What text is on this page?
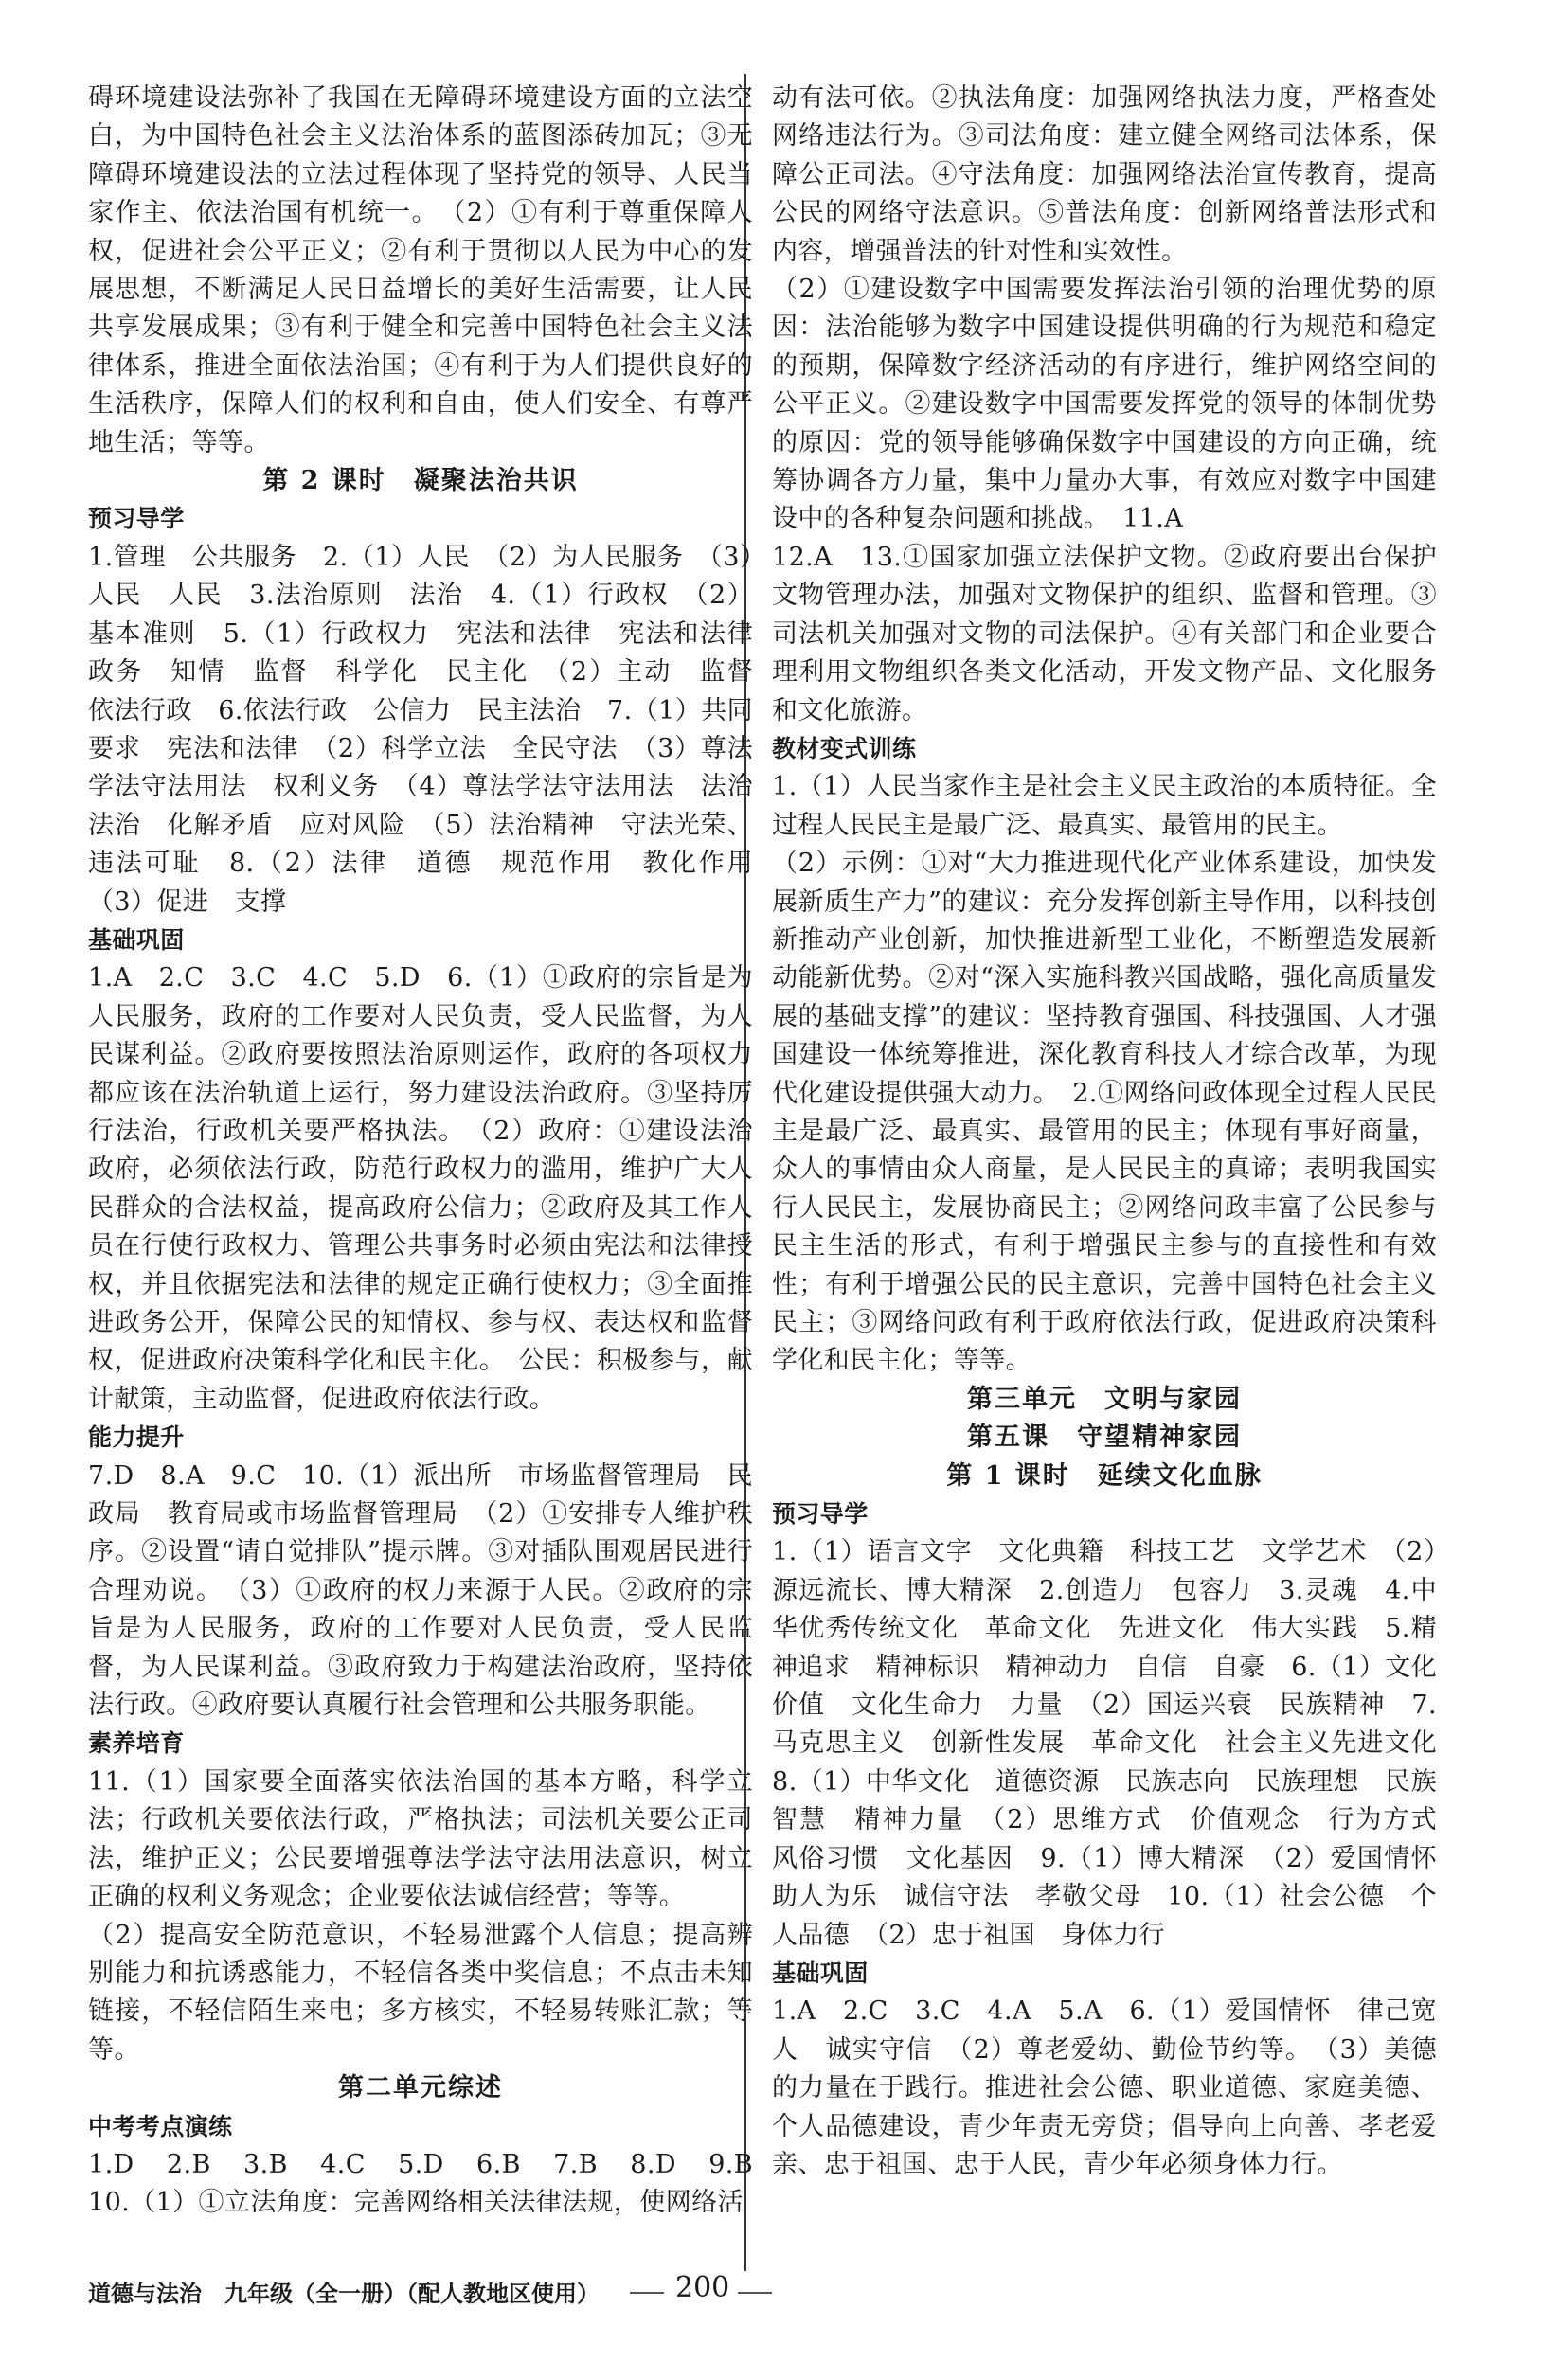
碍环境建设法弥补了我国在无障碍环境建设方面的立法空白，为中国特色社会主义法治体系的蓝图添砖加瓦；③无障碍环境建设法的立法过程体现了坚持党的领导、人民当家作主、依法治国有机统一。　（2）①有利于尊重保障人权，促进社会公平正义；②有利于贯彻以人民为中心的发展思想，不断满足人民日益增长的美好生活需要，让人民共享发展成果；③有利于健全和完善中国特色社会主义法律体系，推进全面依法治国；④有利于为人们提供良好的生活秩序，保障人们的权利和自由，使人们安全、有尊严地生活；等等。
第 2 课时　凝聚法治共识
预习导学
1.管理　公共服务　2.（1）人民　（2）为人民服务　（3）人民　人民　3.法治原则　法治　4.（1）行政权　（2）基本准则　5.（1）行政权力　宪法和法律　宪法和法律　政务　知情　监督　科学化　民主化　（2）主动　监督　依法行政　6.依法行政　公信力　民主法治　7.（1）共同要求　宪法和法律　（2）科学立法　全民守法　（3）尊法学法守法用法　权利义务　（4）尊法学法守法用法　法治　法治　化解矛盾　应对风险　（5）法治精神　守法光荣、违法可耻　8.（2）法律　道德　规范作用　教化作用　（3）促进　支撑
基础巩固
1.A　2.C　3.C　4.C　5.D　6.（1）①政府的宗旨是为人民服务，政府的工作要对人民负责，受人民监督，为人民谋利益。②政府要按照法治原则运作，政府的各项权力都应该在法治轨道上运行，努力建设法治政府。③坚持厉行法治，行政机关要严格执法。　（2）政府：①建设法治政府，必须依法行政，防范行政权力的滥用，维护广大人民群众的合法权益，提高政府公信力；②政府及其工作人员在行使行政权力、管理公共事务时必须由宪法和法律授权，并且依据宪法和法律的规定正确行使权力；③全面推进政务公开，保障公民的知情权、参与权、表达权和监督权，促进政府决策科学化和民主化。　公民：积极参与，献计献策，主动监督，促进政府依法行政。
能力提升
7.D　8.A　9.C　10.（1）派出所　市场监督管理局　民政局　教育局或市场监督管理局　（2）①安排专人维护秩序。②设置“请自觉排队”提示牌。③对插队围观居民进行合理劝说。　（3）①政府的权力来源于人民。②政府的宗旨是为人民服务，政府的工作要对人民负责，受人民监督，为人民谋利益。③政府致力于构建法治政府，坚持依法行政。④政府要认真履行社会管理和公共服务职能。
素养培育
11.（1）国家要全面落实依法治国的基本方略，科学立法；行政机关要依法行政，严格执法；司法机关要公正司法，维护正义；公民要增强尊法学法守法用法意识，树立正确的权利义务观念；企业要依法诚信经营；等等。
（2）提高安全防范意识，不轻易泄露个人信息；提高辨别能力和抗诱惑能力，不轻信各类中奖信息；不点击未知链接，不轻信陌生来电；多方核实，不轻易转账汇款；等等。
第二单元综述
中考考点演练
1.D　2.B　3.B　4.C　5.D　6.B　7.B　8.D　9.B　10.（1）①立法角度：完善网络相关法律法规，使网络活
动有法可依。②执法角度：加强网络执法力度，严格查处网络违法行为。③司法角度：建立健全网络司法体系，保障公正司法。④守法角度：加强网络法治宣传教育，提高公民的网络守法意识。⑤普法角度：创新网络普法形式和内容，增强普法的针对性和实效性。
（2）①建设数字中国需要发挥法治引领的治理优势的原因：法治能够为数字中国建设提供明确的行为规范和稳定的预期，保障数字经济活动的有序进行，维护网络空间的公平正义。②建设数字中国需要发挥党的领导的体制优势的原因：党的领导能够确保数字中国建设的方向正确，统筹协调各方力量，集中力量办大事，有效应对数字中国建设中的各种复杂问题和挑战。　11.A
12.A　13.①国家加强立法保护文物。②政府要出台保护文物管理办法，加强对文物保护的组织、监督和管理。③司法机关加强对文物的司法保护。④有关部门和企业要合理利用文物组织各类文化活动，开发文物产品、文化服务和文化旅游。
教材变式训练
1.（1）人民当家作主是社会主义民主政治的本质特征。全过程人民民主是最广泛、最真实、最管用的民主。
（2）示例：①对“大力推进现代化产业体系建设，加快发展新质生产力”的建议：充分发挥创新主导作用，以科技创新推动产业创新，加快推进新型工业化，不断塑造发展新动能新优势。②对“深入实施科教兴国战略，强化高质量发展的基础支撑”的建议：坚持教育强国、科技强国、人才强国建设一体统筹推进，深化教育科技人才综合改革，为现代化建设提供强大动力。　2.①网络问政体现全过程人民民主是最广泛、最真实、最管用的民主；体现有事好商量，众人的事情由众人商量，是人民民主的真谛；表明我国实行人民民主，发展协商民主；②网络问政丰富了公民参与民主生活的形式，有利于增强民主参与的直接性和有效性；有利于增强公民的民主意识，完善中国特色社会主义民主；③网络问政有利于政府依法行政，促进政府决策科学化和民主化；等等。
第三单元　文明与家园
第五课　守望精神家园
第 1 课时　延续文化血脉
预习导学
1.（1）语言文字　文化典籍　科技工艺　文学艺术　（2）源远流长、博大精深　2.创造力　包容力　3.灵魂　4.中华优秀传统文化　革命文化　先进文化　伟大实践　5.精神追求　精神标识　精神动力　自信　自豪　6.（1）文化价值　文化生命力　力量　（2）国运兴衰　民族精神　7.马克思主义　创新性发展　革命文化　社会主义先进文化　8.（1）中华文化　道德资源　民族志向　民族理想　民族智慧　精神力量　（2）思维方式　价值观念　行为方式　风俗习惯　文化基因　9.（1）博大精深　（2）爱国情怀　助人为乐　诚信守法　孝敬父母　10.（1）社会公德　个人品德　（2）忠于祖国　身体力行
基础巩固
1.A　2.C　3.C　4.A　5.A　6.（1）爱国情怀　律己宽人　诚实守信　（2）尊老爱幼、勤俭节约等。　（3）美德的力量在于践行。推进社会公德、职业道德、家庭美德、个人品德建设，青少年责无旁贷；倡导向上向善、孝老爱亲、忠于祖国、忠于人民，青少年必须身体力行。
道德与法治　九年级（全一册）（配人教地区使用）	200
